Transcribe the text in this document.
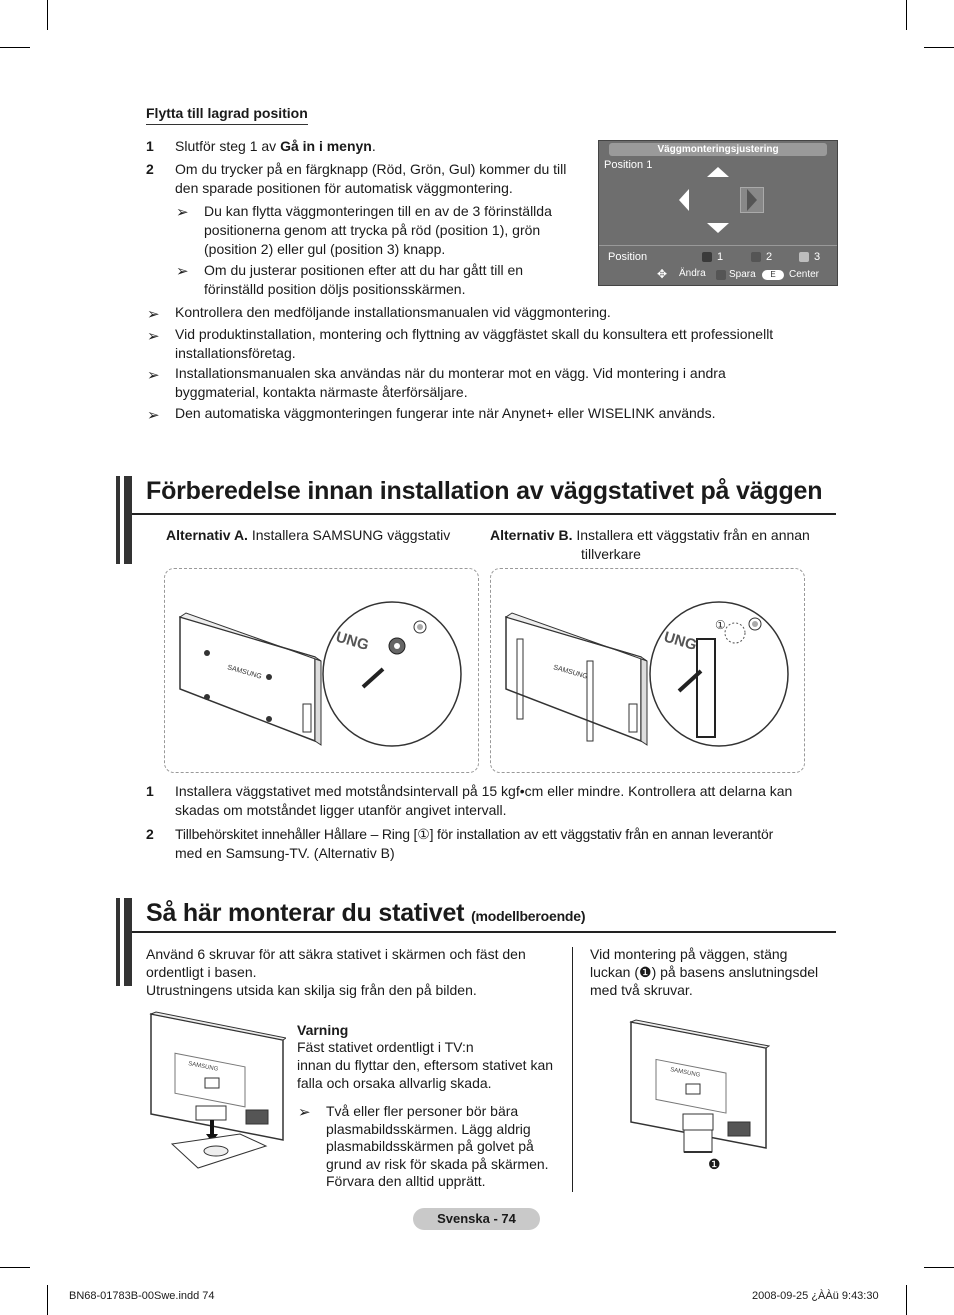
Flytta till lagrad position
1 Slutför steg 1 av Gå in i menyn.
2 Om du trycker på en färgknapp (Röd, Grön, Gul) kommer du till
den sparade positionen för automatisk väggmontering.
➢ Du kan flytta väggmonteringen till en av de 3 förinställda
positionerna genom att trycka på röd (position 1), grön
(position 2) eller gul (position 3) knapp.
➢ Om du justerar positionen efter att du har gått till en
förinställd position döljs positionsskärmen.
Väggmonteringsjustering
Position 1
Position	1	2	3
✥ Ändra Spara	E	Center
➢ Kontrollera den medföljande installationsmanualen vid väggmontering.
➢ Vid produktinstallation, montering och flyttning av väggfästet skall du konsultera ett professionellt
installationsföretag.
➢ Installationsmanualen ska användas när du monterar mot en vägg. Vid montering i andra
byggmaterial, kontakta närmaste återförsäljare.
➢ Den automatiska väggmonteringen fungerar inte när Anynet+ eller WISELINK används.
Förberedelse innan installation av väggstativet på väggen
Alternativ A. Installera SAMSUNG väggstativ	Alternativ B. Installera ett väggstativ från en annan
tillverkare
SAMSUNG
UNG
SAMSUNG
①
UNG
1 Installera väggstativet med motståndsintervall på 15 kgf•cm eller mindre. Kontrollera att delarna kan
skadas om motståndet ligger utanför angivet intervall.
2 Tillbehörskitet innehåller Hållare – Ring [①] för installation av ett väggstativ från en annan leverantör
med en Samsung-TV. (Alternativ B)
Så här monterar du stativet (modellberoende)
Använd 6 skruvar för att säkra stativet i skärmen och fäst den
ordentligt i basen.
Utrustningens utsida kan skilja sig från den på bilden.
Vid montering på väggen, stäng
luckan (❶) på basens anslutningsdel
med två skruvar.
SAMSUNG
Varning
Fäst stativet ordentligt i TV:n
innan du flyttar den, eftersom stativet kan
falla och orsaka allvarlig skada.
➢ Två eller fler personer bör bära
plasmabildsskärmen. Lägg aldrig
plasmabildsskärmen på golvet på
grund av risk för skada på skärmen.
Förvara den alltid upprätt.
SAMSUNG
❶
Svenska - 74
BN68-01783B-00Swe.indd 74	2008-09-25 ¿ÀÀü 9:43:30
